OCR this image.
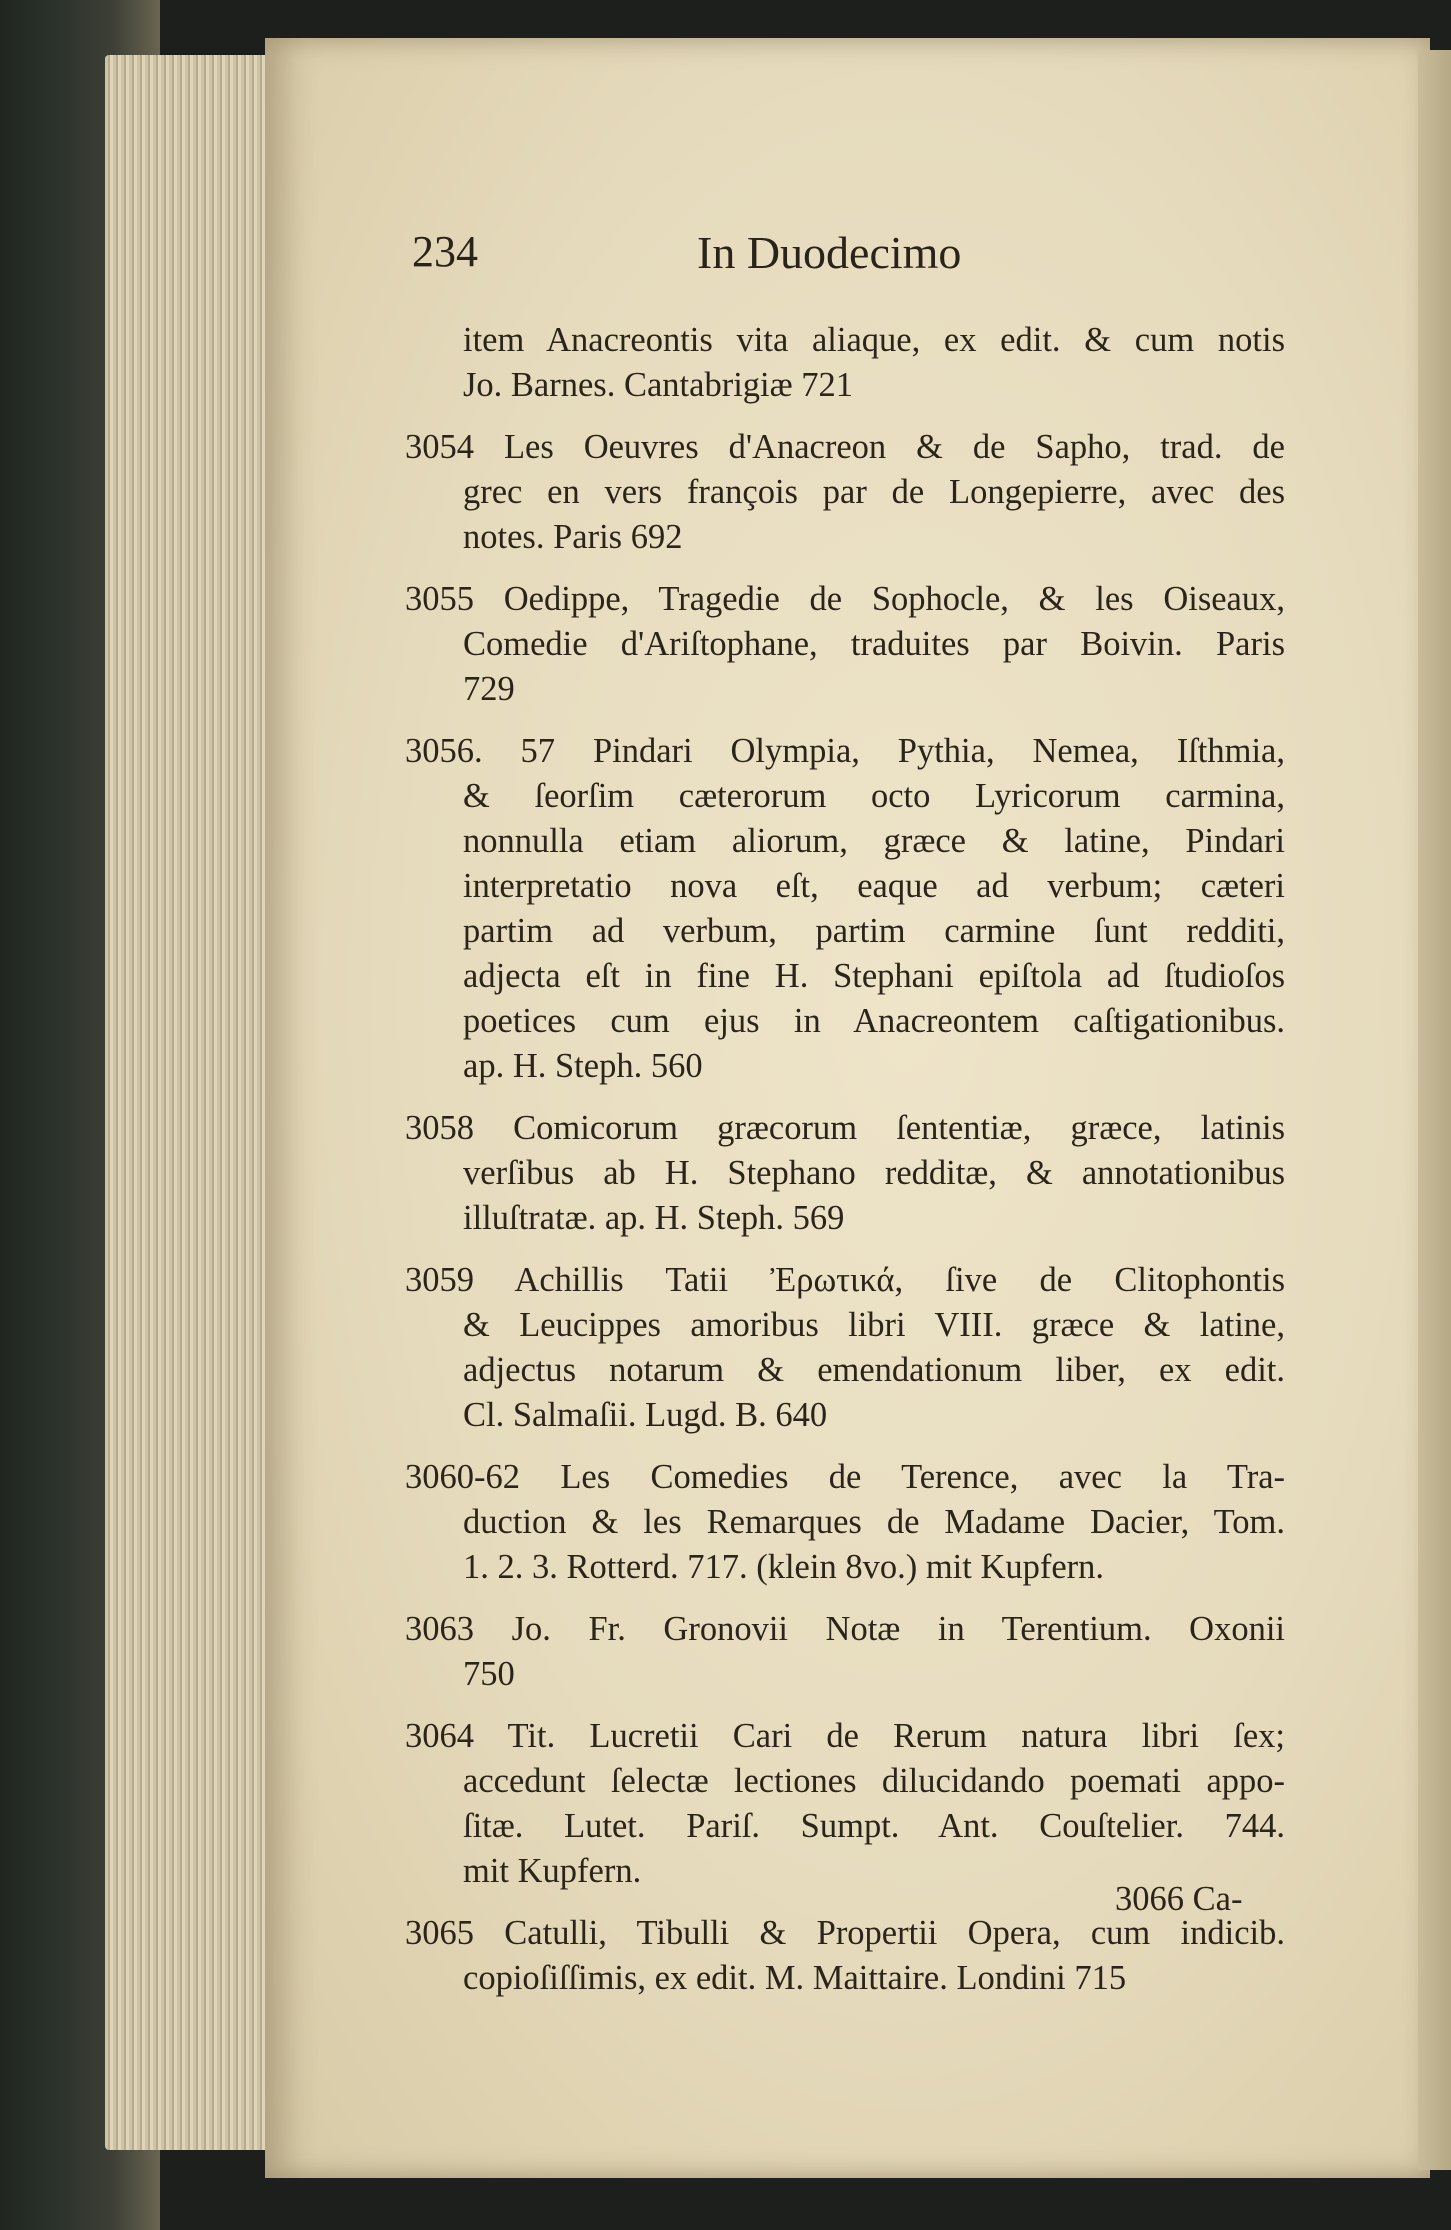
234	In Duodecimo
item Anacreontis vita aliaque, ex edit. & cum notis
Jo. Barnes. Cantabrigiæ 721
3054 Les Oeuvres d'Anacreon & de Sapho, trad. de
grec en vers françois par de Longepierre, avec des
notes. Paris 692
3055 Oedippe, Tragedie de Sophocle, & les Oiseaux,
Comedie d'Ariſtophane, traduites par Boivin. Paris
729
3056. 57 Pindari Olympia, Pythia, Nemea, Iſthmia,
& ſeorſim cæterorum octo Lyricorum carmina,
nonnulla etiam aliorum, græce & latine, Pindari
interpretatio nova eſt, eaque ad verbum; cæteri
partim ad verbum, partim carmine ſunt redditi,
adjecta eſt in fine H. Stephani epiſtola ad ſtudioſos
poetices cum ejus in Anacreontem caſtigationibus.
ap. H. Steph. 560
3058 Comicorum græcorum ſententiæ, græce, latinis
verſibus ab H. Stephano redditæ, & annotationibus
illuſtratæ. ap. H. Steph. 569
3059 Achillis Tatii Ἐρωτικά, ſive de Clitophontis
& Leucippes amoribus libri VIII. græce & latine,
adjectus notarum & emendationum liber, ex edit.
Cl. Salmaſii. Lugd. B. 640
3060-62 Les Comedies de Terence, avec la Tra-
duction & les Remarques de Madame Dacier, Tom.
1. 2. 3. Rotterd. 717. (klein 8vo.) mit Kupfern.
3063 Jo. Fr. Gronovii Notæ in Terentium. Oxonii
750
3064 Tit. Lucretii Cari de Rerum natura libri ſex;
accedunt ſelectæ lectiones dilucidando poemati appo-
ſitæ. Lutet. Pariſ. Sumpt. Ant. Couſtelier. 744.
mit Kupfern.
3065 Catulli, Tibulli & Propertii Opera, cum indicib.
copioſiſſimis, ex edit. M. Maittaire. Londini 715
3066 Ca-
